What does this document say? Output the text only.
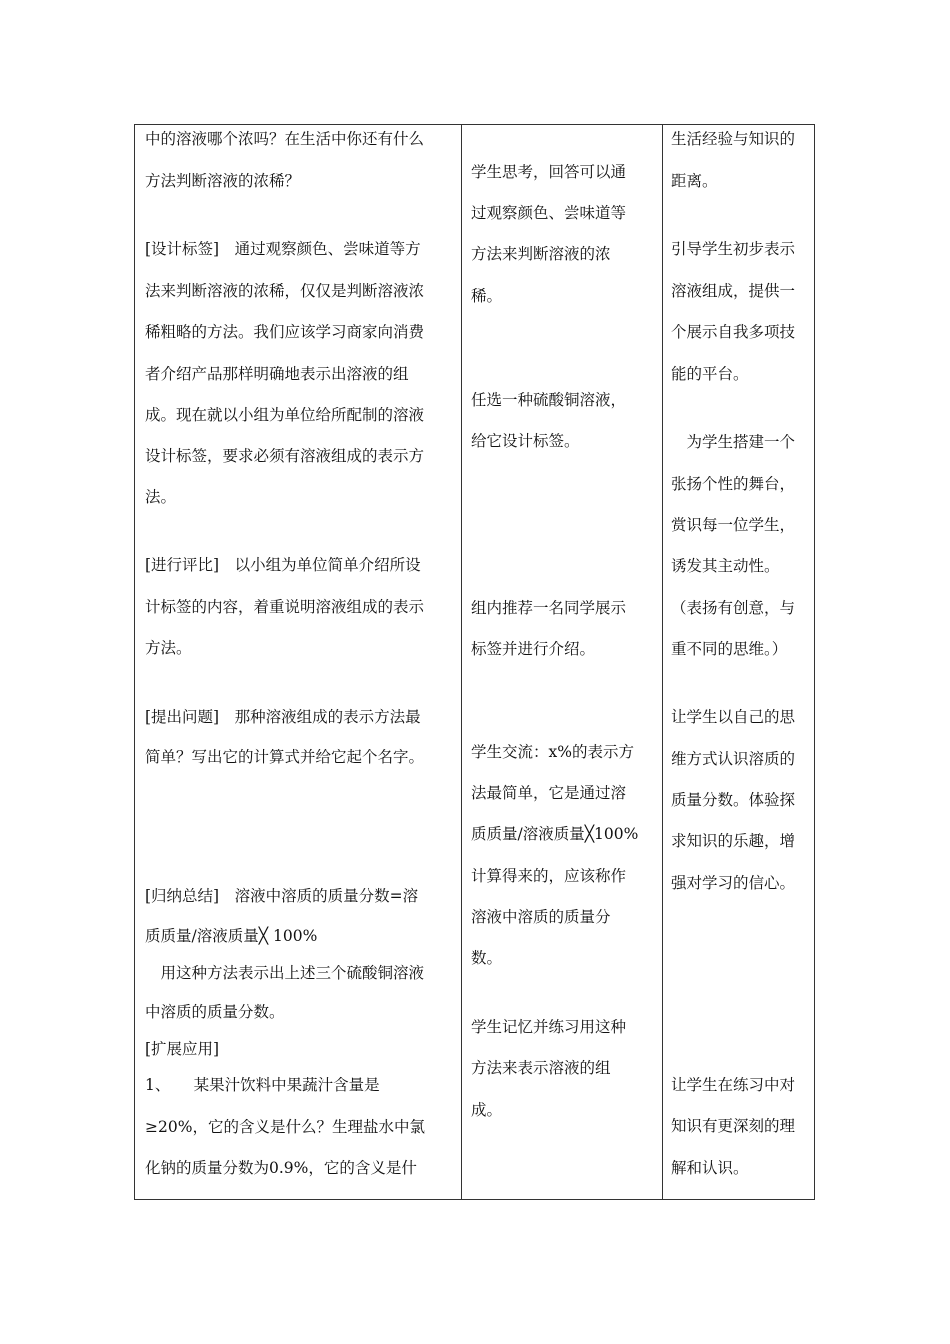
中的溶液哪个浓吗？在生活中你还有什么
方法判断溶液的浓稀？
[设计标签]　通过观察颜色、尝味道等方
法来判断溶液的浓稀，仅仅是判断溶液浓
稀粗略的方法。我们应该学习商家向消费
者介绍产品那样明确地表示出溶液的组
成。现在就以小组为单位给所配制的溶液
设计标签，要求必须有溶液组成的表示方
法。
[进行评比]　以小组为单位简单介绍所设
计标签的内容，着重说明溶液组成的表示
方法。
[提出问题]　那种溶液组成的表示方法最
简单？写出它的计算式并给它起个名字。
[归纳总结]　溶液中溶质的质量分数=溶
质质量/溶液质量╳ 100%
　用这种方法表示出上述三个硫酸铜溶液
中溶质的质量分数。
[扩展应用]
1、　　某果汁饮料中果蔬汁含量是
≥20%，它的含义是什么？生理盐水中氯
化钠的质量分数为0.9%，它的含义是什
学生思考，回答可以通
过观察颜色、尝味道等
方法来判断溶液的浓
稀。
任选一种硫酸铜溶液，
给它设计标签。
组内推荐一名同学展示
标签并进行介绍。
学生交流：x%的表示方
法最简单，它是通过溶
质质量/溶液质量╳100%
计算得来的，应该称作
溶液中溶质的质量分
数。
学生记忆并练习用这种
方法来表示溶液的组
成。
生活经验与知识的
距离。
引导学生初步表示
溶液组成，提供一
个展示自我多项技
能的平台。
　为学生搭建一个
张扬个性的舞台，
赏识每一位学生，
诱发其主动性。
（表扬有创意，与
重不同的思维。）
让学生以自己的思
维方式认识溶质的
质量分数。体验探
求知识的乐趣，增
强对学习的信心。
让学生在练习中对
知识有更深刻的理
解和认识。
